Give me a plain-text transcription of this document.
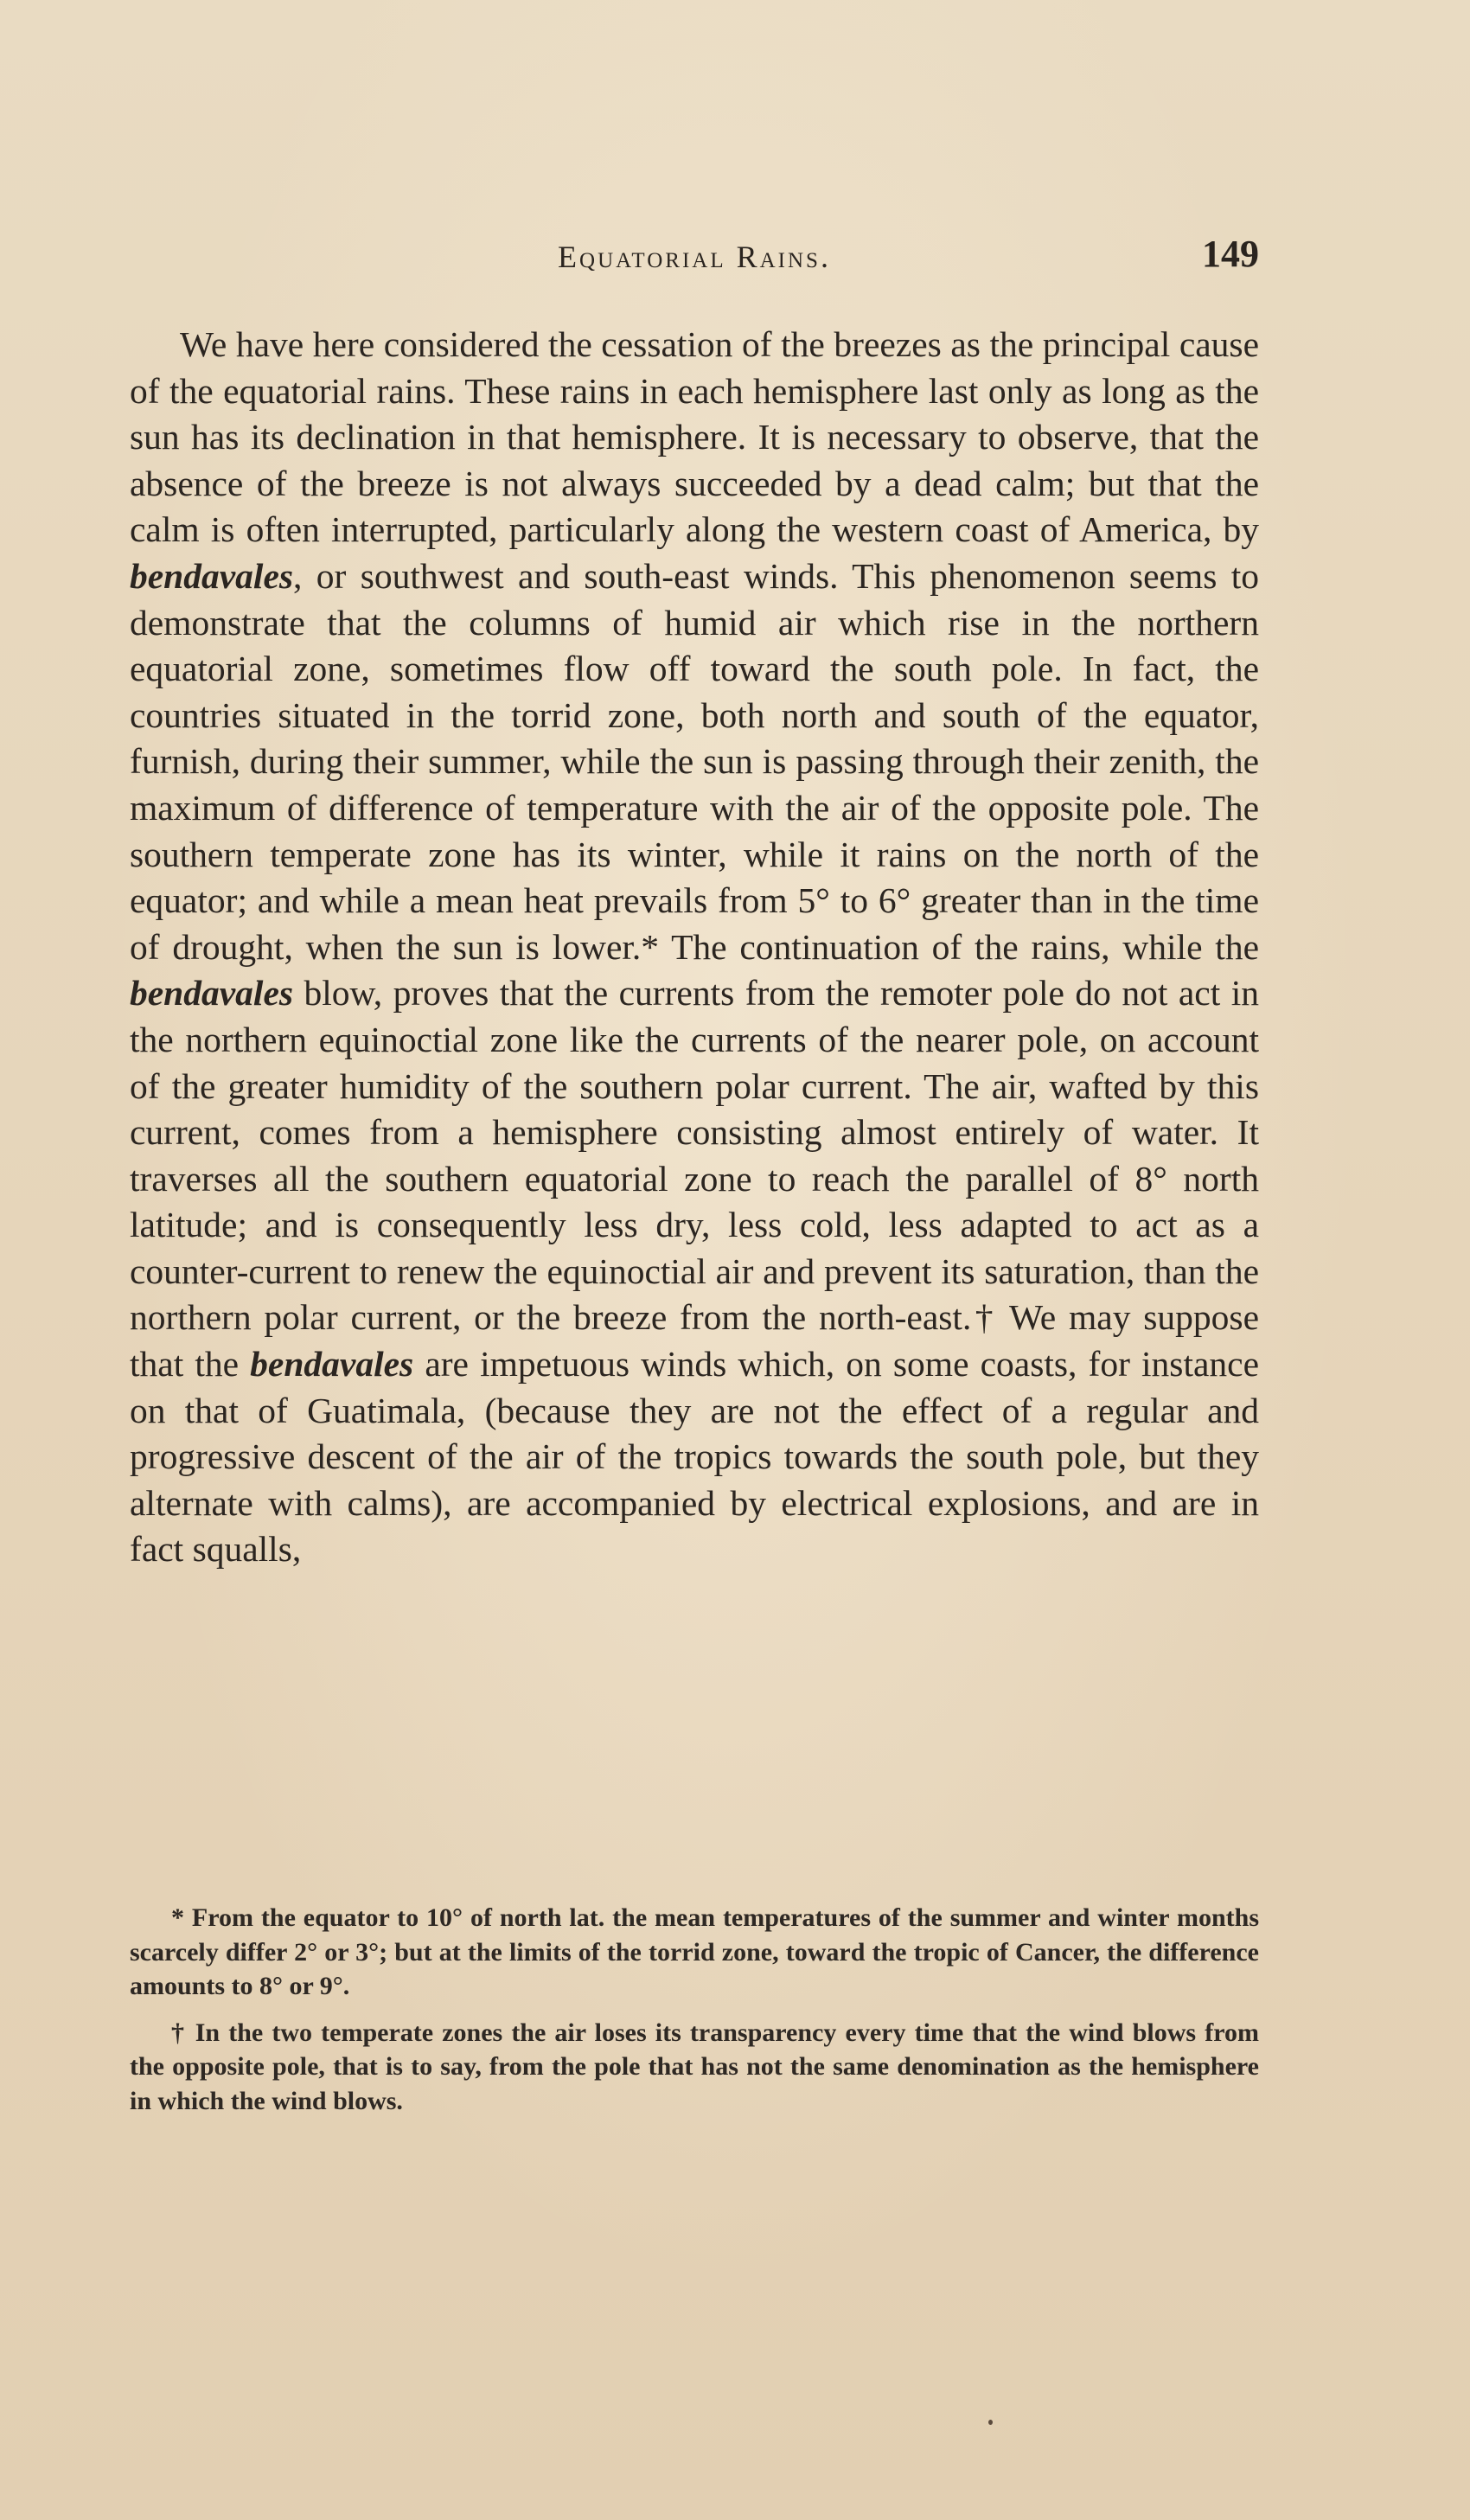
Equatorial Rains.	149

We have here considered the cessation of the breezes as the principal cause of the equatorial rains. These rains in each hemisphere last only as long as the sun has its declination in that hemisphere. It is necessary to observe, that the absence of the breeze is not always succeeded by a dead calm; but that the calm is often interrupted, particularly along the western coast of America, by bendavales, or southwest and south-east winds. This phenomenon seems to demonstrate that the columns of humid air which rise in the northern equatorial zone, sometimes flow off toward the south pole. In fact, the countries situated in the torrid zone, both north and south of the equator, furnish, during their summer, while the sun is passing through their zenith, the maximum of difference of temperature with the air of the opposite pole. The southern temperate zone has its winter, while it rains on the north of the equator; and while a mean heat prevails from 5° to 6° greater than in the time of drought, when the sun is lower.* The continuation of the rains, while the bendavales blow, proves that the currents from the remoter pole do not act in the northern equinoctial zone like the currents of the nearer pole, on account of the greater humidity of the southern polar current. The air, wafted by this current, comes from a hemisphere consisting almost entirely of water. It traverses all the southern equatorial zone to reach the parallel of 8° north latitude; and is consequently less dry, less cold, less adapted to act as a counter-current to renew the equinoctial air and prevent its saturation, than the northern polar current, or the breeze from the north-east.† We may suppose that the bendavales are impetuous winds which, on some coasts, for instance on that of Guatimala, (because they are not the effect of a regular and progressive descent of the air of the tropics towards the south pole, but they alternate with calms), are accompanied by electrical explosions, and are in fact squalls,

* From the equator to 10° of north lat. the mean temperatures of the summer and winter months scarcely differ 2° or 3°; but at the limits of the torrid zone, toward the tropic of Cancer, the difference amounts to 8° or 9°.

† In the two temperate zones the air loses its transparency every time that the wind blows from the opposite pole, that is to say, from the pole that has not the same denomination as the hemisphere in which the wind blows.
